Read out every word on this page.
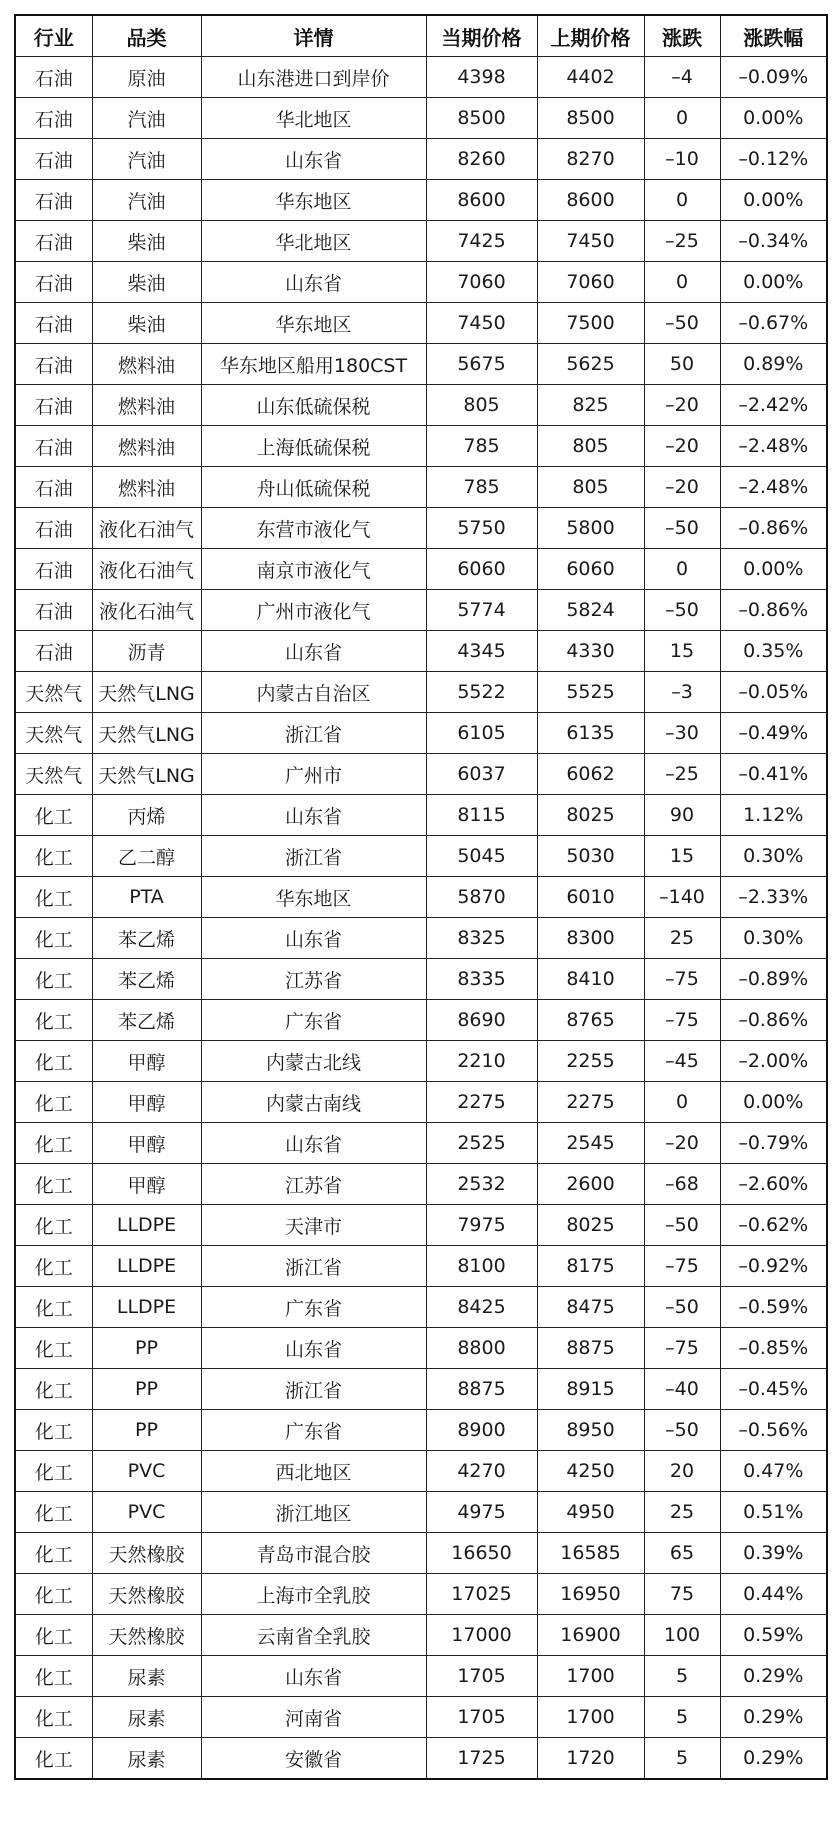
行业	品类	详情	当期价格	上期价格	涨跌	涨跌幅
石油	原油	山东港进口到岸价	4398	4402	–4	–0.09%
石油	汽油	华北地区	8500	8500	0	0.00%
石油	汽油	山东省	8260	8270	–10	–0.12%
石油	汽油	华东地区	8600	8600	0	0.00%
石油	柴油	华北地区	7425	7450	–25	–0.34%
石油	柴油	山东省	7060	7060	0	0.00%
石油	柴油	华东地区	7450	7500	–50	–0.67%
石油	燃料油	华东地区船用180CST	5675	5625	50	0.89%
石油	燃料油	山东低硫保税	805	825	–20	–2.42%
石油	燃料油	上海低硫保税	785	805	–20	–2.48%
石油	燃料油	舟山低硫保税	785	805	–20	–2.48%
石油	液化石油气	东营市液化气	5750	5800	–50	–0.86%
石油	液化石油气	南京市液化气	6060	6060	0	0.00%
石油	液化石油气	广州市液化气	5774	5824	–50	–0.86%
石油	沥青	山东省	4345	4330	15	0.35%
天然气	天然气LNG	内蒙古自治区	5522	5525	–3	–0.05%
天然气	天然气LNG	浙江省	6105	6135	–30	–0.49%
天然气	天然气LNG	广州市	6037	6062	–25	–0.41%
化工	丙烯	山东省	8115	8025	90	1.12%
化工	乙二醇	浙江省	5045	5030	15	0.30%
化工	PTA	华东地区	5870	6010	–140	–2.33%
化工	苯乙烯	山东省	8325	8300	25	0.30%
化工	苯乙烯	江苏省	8335	8410	–75	–0.89%
化工	苯乙烯	广东省	8690	8765	–75	–0.86%
化工	甲醇	内蒙古北线	2210	2255	–45	–2.00%
化工	甲醇	内蒙古南线	2275	2275	0	0.00%
化工	甲醇	山东省	2525	2545	–20	–0.79%
化工	甲醇	江苏省	2532	2600	–68	–2.60%
化工	LLDPE	天津市	7975	8025	–50	–0.62%
化工	LLDPE	浙江省	8100	8175	–75	–0.92%
化工	LLDPE	广东省	8425	8475	–50	–0.59%
化工	PP	山东省	8800	8875	–75	–0.85%
化工	PP	浙江省	8875	8915	–40	–0.45%
化工	PP	广东省	8900	8950	–50	–0.56%
化工	PVC	西北地区	4270	4250	20	0.47%
化工	PVC	浙江地区	4975	4950	25	0.51%
化工	天然橡胶	青岛市混合胶	16650	16585	65	0.39%
化工	天然橡胶	上海市全乳胶	17025	16950	75	0.44%
化工	天然橡胶	云南省全乳胶	17000	16900	100	0.59%
化工	尿素	山东省	1705	1700	5	0.29%
化工	尿素	河南省	1705	1700	5	0.29%
化工	尿素	安徽省	1725	1720	5	0.29%
